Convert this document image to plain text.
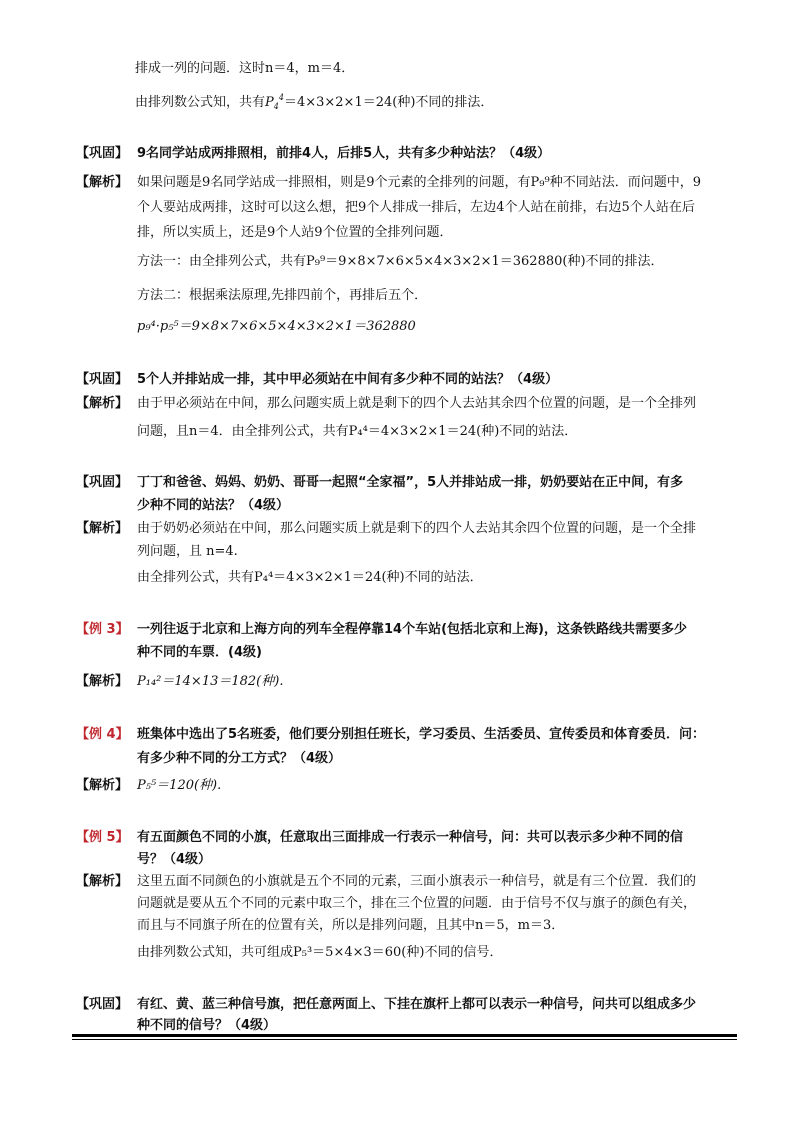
排成一列的问题．这时n＝4，m＝4．
由排列数公式知，共有$P_4^4=4\times 3\times 2\times 1=24$(种)不同的排法．
【巩固】 9名同学站成两排照相，前排4人，后排5人，共有多少种站法？（4级）
【解析】 如果问题是9名同学站成一排照相，则是9个元素的全排列的问题，有P₉⁹种不同站法．而问题中，9
个人要站成两排，这时可以这么想，把9个人排成一排后，左边4个人站在前排，右边5个人站在后
排，所以实质上，还是9个人站9个位置的全排列问题．
方法一：由全排列公式，共有P₉⁹＝9×8×7×6×5×4×3×2×1＝362880(种)不同的排法．
方法二：根据乘法原理,先排四前个，再排后五个．
p₉⁴·p₅⁵＝9×8×7×6×5×4×3×2×1＝362880
【巩固】 5个人并排站成一排，其中甲必须站在中间有多少种不同的站法？（4级）
【解析】 由于甲必须站在中间，那么问题实质上就是剩下的四个人去站其余四个位置的问题，是一个全排列
问题，且n＝4．由全排列公式，共有P₄⁴＝4×3×2×1＝24(种)不同的站法．
【巩固】 丁丁和爸爸、妈妈、奶奶、哥哥一起照“全家福”，5人并排站成一排，奶奶要站在正中间，有多
少种不同的站法？（4级）
【解析】 由于奶奶必须站在中间，那么问题实质上就是剩下的四个人去站其余四个位置的问题，是一个全排
列问题，且 n=4.
由全排列公式，共有P₄⁴＝4×3×2×1＝24(种)不同的站法．
【例 3】 一列往返于北京和上海方向的列车全程停靠14个车站(包括北京和上海)，这条铁路线共需要多少
种不同的车票．(4级)
【解析】 P₁₄²＝14×13＝182(种).
【例 4】 班集体中选出了5名班委，他们要分别担任班长，学习委员、生活委员、宣传委员和体育委员．问：
有多少种不同的分工方式？（4级）
【解析】 P₅⁵＝120(种).
【例 5】 有五面颜色不同的小旗，任意取出三面排成一行表示一种信号，问：共可以表示多少种不同的信
号？（4级）
【解析】 这里五面不同颜色的小旗就是五个不同的元素，三面小旗表示一种信号，就是有三个位置．我们的
问题就是要从五个不同的元素中取三个，排在三个位置的问题．由于信号不仅与旗子的颜色有关，
而且与不同旗子所在的位置有关，所以是排列问题，且其中n＝5，m＝3．
由排列数公式知，共可组成P₅³＝5×4×3＝60(种)不同的信号．
【巩固】 有红、黄、蓝三种信号旗，把任意两面上、下挂在旗杆上都可以表示一种信号，问共可以组成多少
种不同的信号？（4级）
